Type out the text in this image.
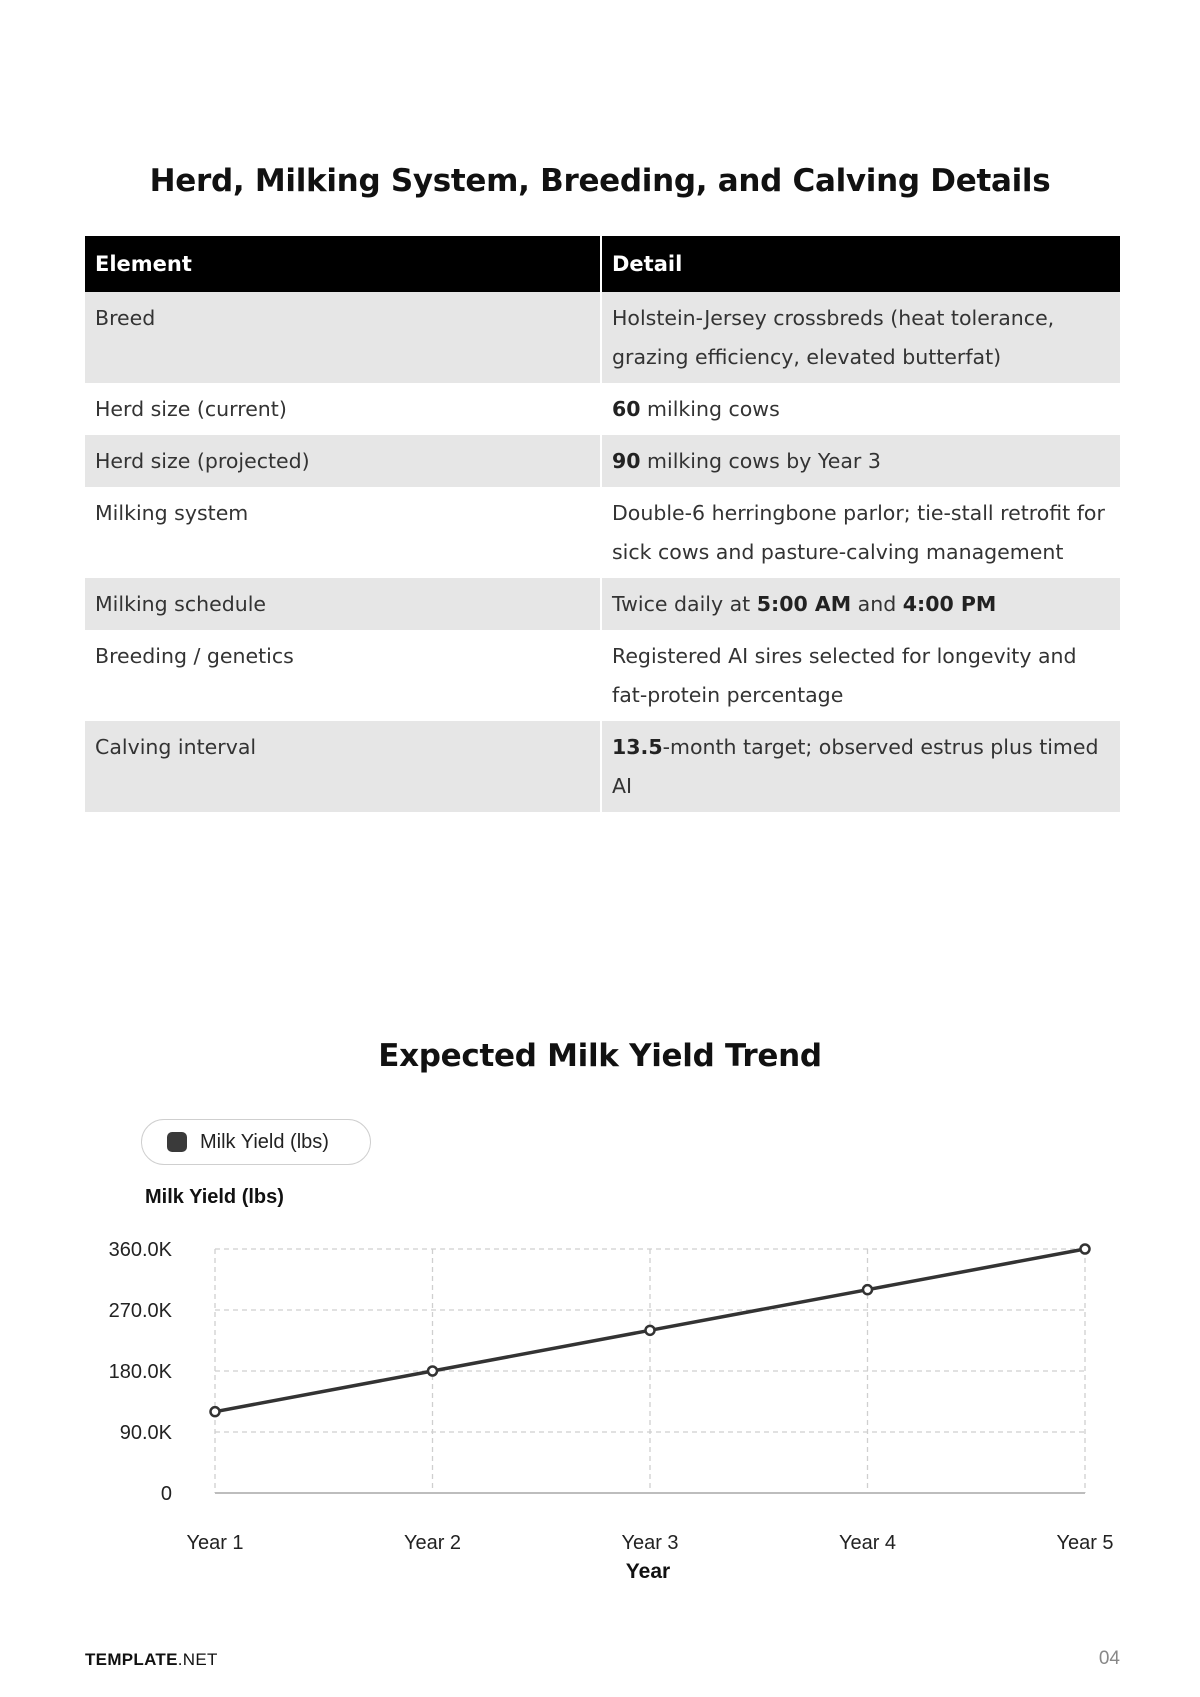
Herd, Milking System, Breeding, and Calving Details
Element	Detail

Breed	Holstein-Jersey crossbreds (heat tolerance, grazing efficiency, elevated butterfat)

Herd size (current)	60 milking cows

Herd size (projected)	90 milking cows by Year 3

Milking system	Double-6 herringbone parlor; tie-stall retrofit for sick cows and pasture-calving management

Milking schedule	Twice daily at 5:00 AM and 4:00 PM

Breeding / genetics	Registered AI sires selected for longevity and fat-protein percentage

Calving interval	13.5-month target; observed estrus plus timed AI
Expected Milk Yield Trend
Milk Yield (lbs)
Milk Yield (lbs)
Year
0
90.0K
180.0K
270.0K
360.0K
Year 1	Year 2	Year 3	Year 4	Year 5
TEMPLATE.NET	04
